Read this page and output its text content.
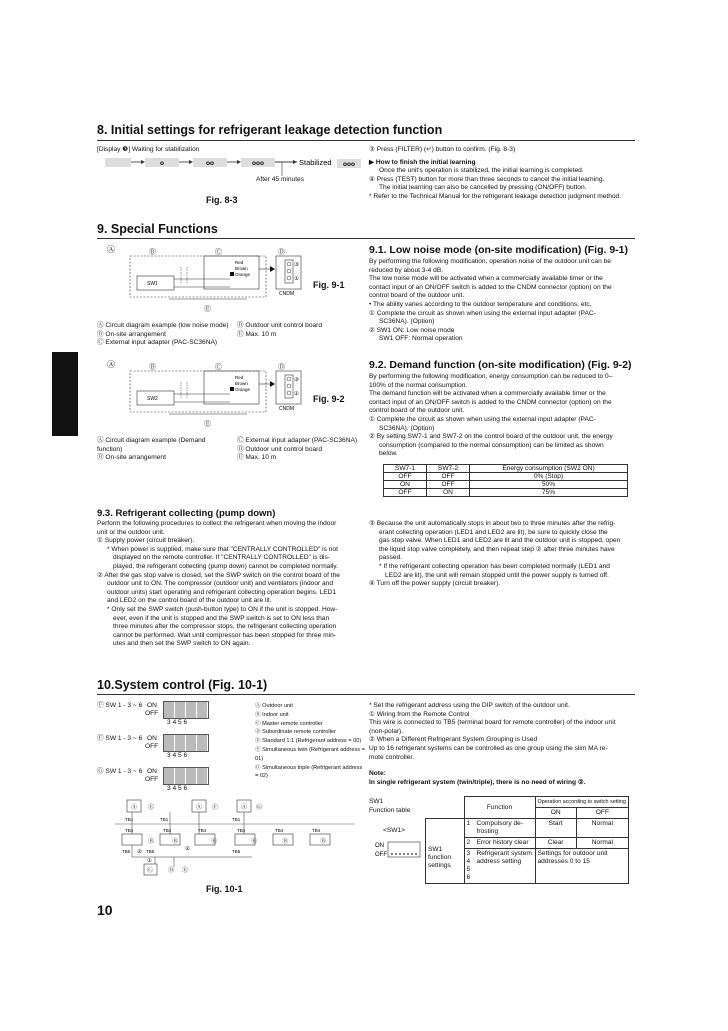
8. Initial settings for refrigerant leakage detection function
[Display ❸] Waiting for stabilization
o	oo	ooo	Stabilized ooo
After 45 minutes
Fig. 8-3

③ Press (FILTER) (↵) button to confirm. (Fig. 8-3)

▶ How to finish the initial learning

Once the unit's operation is stabilized, the initial learning is completed.

④ Press (TEST) button for more than three seconds to cancel the initial learning.

The initial learning can also be cancelled by pressing (ON/OFF) button.

* Refer to the Technical Manual for the refrigerant leakage detection judgment method.

9. Special Functions
Ⓐ	Ⓑ	Ⓒ	Ⓓ
SW1
Red
Brown
Orange
③
①
CNDM
Ⓔ
Fig. 9-1

Ⓐ Circuit diagram example (low noise mode)

Ⓑ On-site arrangement

Ⓒ External input adapter (PAC-SC36NA)

Ⓓ Outdoor unit control board

Ⓔ Max. 10 m

Ⓐ	Ⓑ	Ⓒ	Ⓓ
SW2
Red
Brown
Orange
③
①
CNDM
Ⓔ
Fig. 9-2

Ⓐ Circuit diagram example (Demand function)

Ⓑ On-site arrangement

Ⓒ External input adapter (PAC-SC36NA)

Ⓓ Outdoor unit control board

Ⓔ Max. 10 m

9.1. Low noise mode (on-site modification) (Fig. 9-1)

By performing the following modification, operation noise of the outdoor unit can be

reduced by about 3-4 dB.

The low noise mode will be activated when a commercially available timer or the

contact input of an ON/OFF switch is added to the CNDM connector (option) on the

control board of the outdoor unit.

• The ability varies according to the outdoor temperature and conditions, etc.

① Complete the circuit as shown when using the external input adapter (PAC-

SC36NA). (Option)

② SW1 ON: Low noise mode

SW1 OFF: Normal operation

9.2. Demand function (on-site modification) (Fig. 9-2)

By performing the following modification, energy consumption can be reduced to 0–

100% of the normal consumption.

The demand function will be activated when a commercially available timer or the

contact input of an ON/OFF switch is added to the CNDM connector (option) on the

control board of the outdoor unit.

① Complete the circuit as shown when using the external input adapter (PAC-

SC36NA). (Option)

② By setting SW7-1 and SW7-2 on the control board of the outdoor unit, the energy

consumption (compared to the normal consumption) can be limited as shown

below.

SW7-1	SW7-2	Energy consumption (SW2 ON)
OFF	OFF	0% (Stop)
ON	OFF	50%
OFF	ON	75%
9.3. Refrigerant collecting (pump down)

Perform the following procedures to collect the refrigerant when moving the indoor

unit or the outdoor unit.

① Supply power (circuit breaker).

* When power is supplied, make sure that "CENTRALLY CONTROLLED" is not

displayed on the remote controller. If "CENTRALLY CONTROLLED" is dis-

played, the refrigerant collecting (pump down) cannot be completed normally.

② After the gas stop valve is closed, set the SWP switch on the control board of the

outdoor unit to ON. The compressor (outdoor unit) and ventilators (indoor and

outdoor units) start operating and refrigerant collecting operation begins. LED1

and LED2 on the control board of the outdoor unit are lit.

* Only set the SWP switch (push-button type) to ON if the unit is stopped. How-

ever, even if the unit is stopped and the SWP switch is set to ON less than

three minutes after the compressor stops, the refrigerant collecting operation

cannot be performed. Wait until compressor has been stopped for three min-

utes and then set the SWP switch to ON again.

③ Because the unit automatically stops in about two to three minutes after the refrig-

erant collecting operation (LED1 and LED2 are lit), be sure to quickly close the

gas stop valve. When LED1 and LED2 are lit and the outdoor unit is stopped, open

the liquid stop valve completely, and then repeat step ② after three minutes have

passed.

* If the refrigerant collecting operation has been completed normally (LED1 and

LED2 are lit), the unit will remain stopped until the power supply is turned off.

④ Turn off the power supply (circuit breaker).

10.System control (Fig. 10-1)
Ⓕ SW 1 - 3 ~ 6 ON
OFF
3 4 5 6
Ⓕ SW 1 - 3 ~ 6 ON
OFF
3 4 5 6
Ⓖ SW 1 - 3 ~ 6 ON
OFF
3 4 5 6

Ⓐ Outdoor unit

Ⓑ Indoor unit

Ⓒ Master remote controller

Ⓓ Subordinate remote controller

Ⓔ Standard 1:1 (Refrigerant address = 00)

Ⓕ Simultaneous twin (Refrigerant address = 01)

Ⓖ Simultaneous triple (Refrigerant address = 02)

Ⓐ Ⓔ	Ⓐ Ⓕ	Ⓐ Ⓖ
TB1	TB1	TB1
TB4	TB4	TB4	TB4	TB4	TB4
Ⓑ	Ⓑ	Ⓑ	Ⓑ	Ⓑ	Ⓑ
TB5 ② TB5	②	TB5
①
Ⓒ Ⓓ Ⓔ
Fig. 10-1

* Set the refrigerant address using the DIP switch of the outdoor unit.

① Wiring from the Remote Control

This wire is connected to TB5 (terminal board for remote controller) of the indoor unit

(non-polar).

② When a Different Refrigerant System Grouping is Used

Up to 16 refrigerant systems can be controlled as one group using the slim MA re-

mote controller.

Note:

In single refrigerant system (twin/triple), there is no need of wiring ②.

SW1
Function table
<SW1>
ON
OFF
	Function		Operation according to switch setting	
			ON	OFF

SW1
function
settings	1	Compulsory de-frosting	Start	Normal
	2	Error history clear	Clear	Normal

	3
4
5
6	Refrigerant system address setting	Settings for outdoor unit addresses 0 to 15	
10
